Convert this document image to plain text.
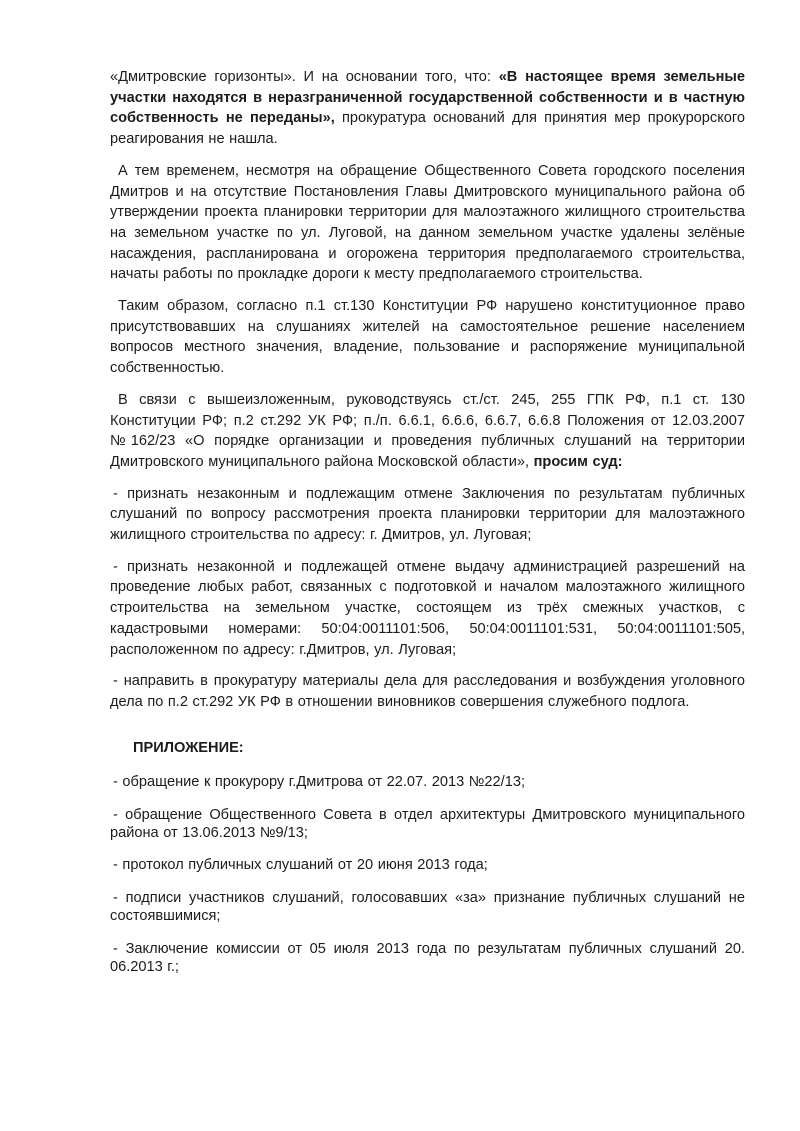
«Дмитровские горизонты». И на основании того, что: «В настоящее время земельные участки находятся в неразграниченной государственной собственности и в частную собственность не переданы», прокуратура оснований для принятия мер прокурорского реагирования не нашла.

А тем временем, несмотря на обращение Общественного Совета городского поселения Дмитров и на отсутствие Постановления Главы Дмитровского муниципального района об утверждении проекта планировки территории для малоэтажного жилищного строительства на земельном участке по ул. Луговой, на данном земельном участке удалены зелёные насаждения, распланирована и огорожена территория предполагаемого строительства, начаты работы по прокладке дороги к месту предполагаемого строительства.

Таким образом, согласно п.1 ст.130 Конституции РФ нарушено конституционное право присутствовавших на слушаниях жителей на самостоятельное решение населением вопросов местного значения, владение, пользование и распоряжение муниципальной собственностью.

В связи с вышеизложенным, руководствуясь ст./ст. 245, 255 ГПК РФ, п.1 ст. 130 Конституции РФ; п.2 ст.292 УК РФ; п./п. 6.6.1, 6.6.6, 6.6.7, 6.6.8 Положения от 12.03.2007 №162/23 «О порядке организации и проведения публичных слушаний на территории Дмитровского муниципального района Московской области», просим суд:

- признать незаконным и подлежащим отмене Заключения по результатам публичных слушаний по вопросу рассмотрения проекта планировки территории для малоэтажного жилищного строительства по адресу: г. Дмитров, ул. Луговая;

- признать незаконной и подлежащей отмене выдачу администрацией разрешений на проведение любых работ, связанных с подготовкой и началом малоэтажного жилищного строительства на земельном участке, состоящем из трёх смежных участков, с кадастровыми номерами: 50:04:0011101:506, 50:04:0011101:531, 50:04:0011101:505, расположенном по адресу: г.Дмитров, ул. Луговая;

- направить в прокуратуру материалы дела для расследования и возбуждения уголовного дела по п.2 ст.292 УК РФ в отношении виновников совершения служебного подлога.

ПРИЛОЖЕНИЕ:

- обращение к прокурору г.Дмитрова от 22.07. 2013 №22/13;

- обращение Общественного Совета в отдел архитектуры Дмитровского муниципального района от 13.06.2013 №9/13;

- протокол публичных слушаний от 20 июня 2013 года;

- подписи участников слушаний, голосовавших «за» признание публичных слушаний не состоявшимися;

- Заключение комиссии от 05 июля 2013 года по результатам публичных слушаний 20. 06.2013 г.;
